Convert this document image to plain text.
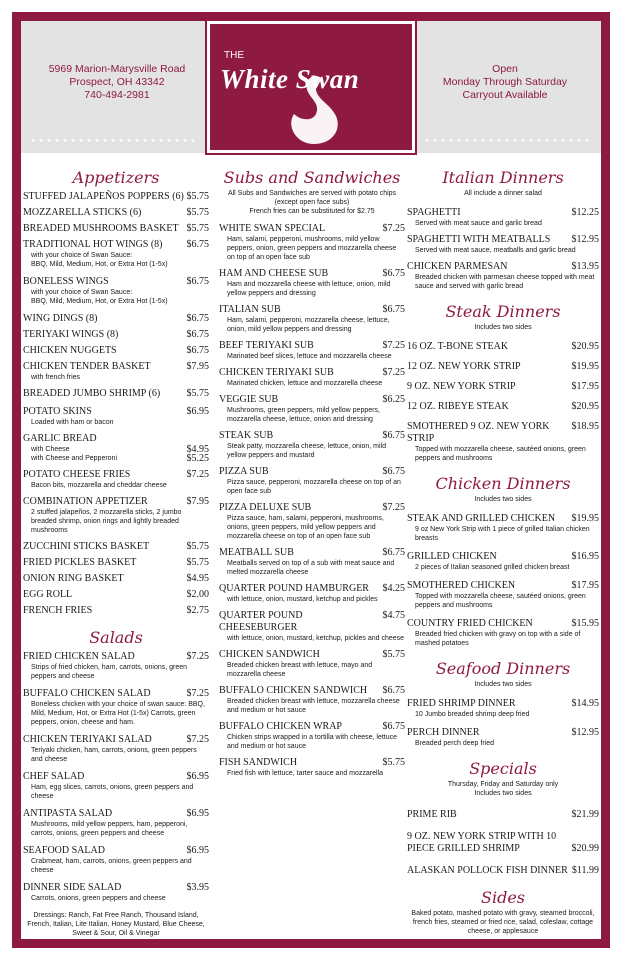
5969 Marion-Marysville Road
Prospect, OH 43342
740-494-2981
THE
White Swan	Open
Monday Through Saturday
Carryout Available
Appetizers
STUFFED JALAPEÑOS POPPERS (6) $5.75
MOZZARELLA STICKS (6)	$5.75
BREADED MUSHROOMS BASKET $5.75
TRADITIONAL HOT WINGS (8) $6.75
with your choice of Swan Sauce:
BBQ, Mild, Medium, Hot, or Extra Hot (1-5x)
BONELESS WINGS	$6.75
with your choice of Swan Sauce:
BBQ, Mild, Medium, Hot, or Extra Hot (1-5x)
WING DINGS (8)	$6.75
TERIYAKI WINGS (8)	$6.75
CHICKEN NUGGETS	$6.75
CHICKEN TENDER BASKET	$7.95
with french fries
BREADED JUMBO SHRIMP (6)	$5.75
POTATO SKINS	$6.95
Loaded with ham or bacon
GARLIC BREAD
with Cheese	$4.95
with Cheese and Pepperoni	$5.25
POTATO CHEESE FRIES	$7.25
Bacon bits, mozzarella and cheddar cheese
COMBINATION APPETIZER	$7.95
2 stuffed jalapeños, 2 mozzarella sticks, 2 jumbo breaded shrimp, onion rings and lightly breaded mushrooms
ZUCCHINI STICKS BASKET	$5.75
FRIED PICKLES BASKET	$5.75
ONION RING BASKET	$4.95
EGG ROLL	$2.00
FRENCH FRIES	$2.75
Salads
FRIED CHICKEN SALAD	$7.25
Strips of fried chicken, ham, carrots, onions, green peppers and cheese
BUFFALO CHICKEN SALAD	$7.25
Boneless chicken with your choice of swan sauce: BBQ, Mild, Medium, Hot, or Extra Hot (1-5x) Carrots, green peppers, onion, cheese and ham.
CHICKEN TERIYAKI SALAD	$7.25
Teriyaki chicken, ham, carrots, onions, green peppers and cheese
CHEF SALAD	$6.95
Ham, egg slices, carrots, onions, green peppers and cheese
ANTIPASTA SALAD	$6.95
Mushrooms, mild yellow peppers, ham, pepperoni, carrots, onions, green peppers and cheese
SEAFOOD SALAD	$6.95
Crabmeat, ham, carrots, onions, green peppers and cheese
DINNER SIDE SALAD	$3.95
Carrots, onions, green peppers and cheese
Dressings: Ranch, Fat Free Ranch, Thousand Island, French, Italian, Lite Italian, Honey Mustard, Blue Cheese, Sweet & Sour, Oil & Vinegar
Subs and Sandwiches
All Subs and Sandwiches are served with potato chips (except open face subs)
French fries can be substituted for $2.75
WHITE SWAN SPECIAL	$7.25
Ham, salami, pepperoni, mushrooms, mild yellow peppers, onion, green peppers and mozzarella cheese on top of an open face sub
HAM AND CHEESE SUB	$6.75
Ham and mozzarella cheese with lettuce, onion, mild yellow peppers and dressing
ITALIAN SUB	$6.75
Ham, salami, pepperoni, mozzarella cheese, lettuce, onion, mild yellow peppers and dressing
BEEF TERIYAKI SUB	$7.25
Marinated beef slices, lettuce and mozzarella cheese
CHICKEN TERIYAKI SUB	$7.25
Marinated chicken, lettuce and mozzarella cheese
VEGGIE SUB	$6.25
Mushrooms, green peppers, mild yellow peppers, mozzarella cheese, lettuce, onion and dressing
STEAK SUB	$6.75
Steak patty, mozzarella cheese, lettuce, onion, mild yellow peppers and mustard
PIZZA SUB	$6.75
Pizza sauce, pepperoni, mozzarella cheese on top of an open face sub
PIZZA DELUXE SUB	$7.25
Pizza sauce, ham, salami, pepperoni, mushrooms, onions, green peppers, mild yellow peppers and mozzarella cheese on top of an open face sub
MEATBALL SUB	$6.75
Meatballs served on top of a sub with meat sauce and melted mozzarella cheese
QUARTER POUND HAMBURGER $4.25
with lettuce, onion, mustard, ketchup and pickles
QUARTER POUND CHEESEBURGER
$4.75
with lettuce, onion, mustard, ketchup, pickles and cheese
CHICKEN SANDWICH	$5.75
Breaded chicken breast with lettuce, mayo and mozzarella cheese
BUFFALO CHICKEN SANDWICH $6.75
Breaded chicken breast with lettuce, mozzarella cheese and medium or hot sauce
BUFFALO CHICKEN WRAP	$6.75
Chicken strips wrapped in a tortilla with cheese, lettuce and medium or hot sauce
FISH SANDWICH	$5.75
Fried fish with lettuce, tarter sauce and mozzarella
Italian Dinners
All include a dinner salad
SPAGHETTI	$12.25
Served with meat sauce and garlic bread
SPAGHETTI WITH MEATBALLS $12.95
Served with meat sauce, meatballs and garlic bread
CHICKEN PARMESAN	$13.95
Breaded chicken with parmesan cheese topped with meat sauce and served with garlic bread
Steak Dinners
Includes two sides
16 OZ. T-BONE STEAK	$20.95
12 OZ. NEW YORK STRIP	$19.95
9 OZ. NEW YORK STRIP	$17.95
12 OZ. RIBEYE STEAK	$20.95
SMOTHERED 9 OZ. NEW YORK STRIP
$18.95
Topped with mozzarella cheese, sautéed onions, green peppers and mushrooms
Chicken Dinners
Includes two sides
STEAK AND GRILLED CHICKEN $19.95
9 oz New York Strip with 1 piece of grilled Italian chicken breasts
GRILLED CHICKEN	$16.95
2 pieces of Italian seasoned grilled chicken breast
SMOTHERED CHICKEN	$17.95
Topped with mozzarella cheese, sautéed onions, green peppers and mushrooms
COUNTRY FRIED CHICKEN	$15.95
Breaded fried chicken with gravy on top with a side of mashed potatoes
Seafood Dinners
Includes two sides
FRIED SHRIMP DINNER	$14.95
10 Jumbo breaded shrimp deep fried
PERCH DINNER	$12.95
Breaded perch deep fried
Specials
Thursday, Friday and Saturday only
Includes two sides
PRIME RIB	$21.99
9 OZ. NEW YORK STRIP WITH 10 PIECE GRILLED SHRIMP	$20.99
ALASKAN POLLOCK FISH DINNER $11.99
Sides
Baked potato, mashed potato with gravy, steamed broccoli, french fries, steamed or fried rice, salad, coleslaw, cottage cheese, or applesauce
